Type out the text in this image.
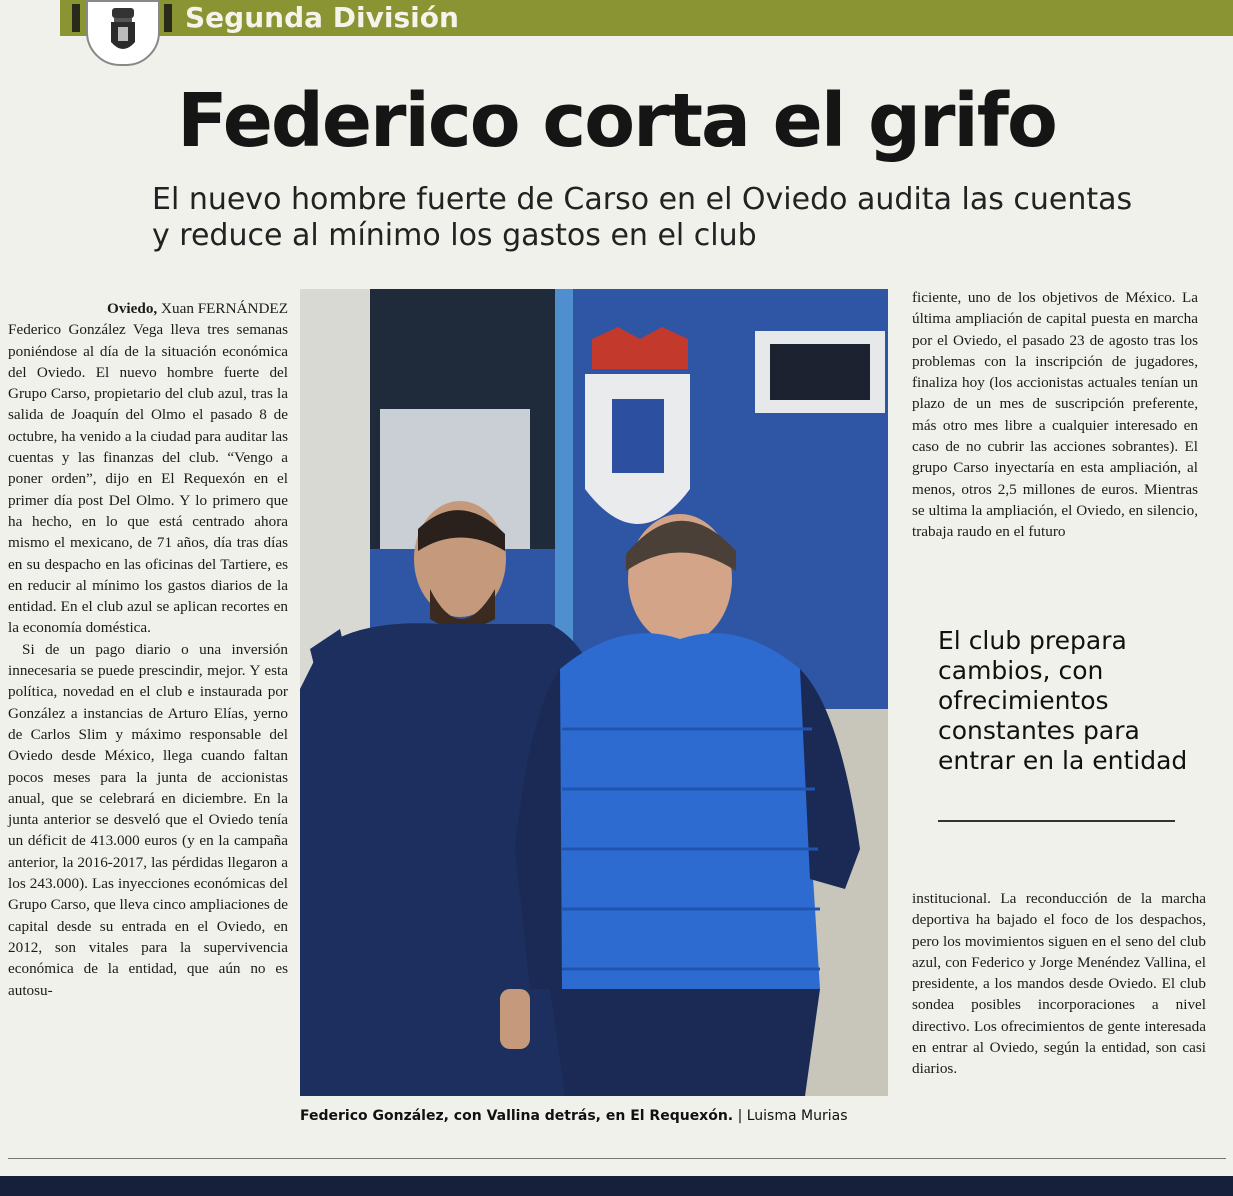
Segunda División
Federico corta el grifo
El nuevo hombre fuerte de Carso en el Oviedo audita las cuentas y reduce al mínimo los gastos en el club
Oviedo, Xuan FERNÁNDEZ

Federico González Vega lleva tres semanas poniéndose al día de la situación económica del Oviedo. El nuevo hombre fuerte del Grupo Carso, propietario del club azul, tras la salida de Joaquín del Olmo el pasado 8 de octubre, ha venido a la ciudad para auditar las cuentas y las finanzas del club. “Vengo a poner orden”, dijo en El Requexón en el primer día post Del Olmo. Y lo primero que ha hecho, en lo que está centrado ahora mismo el mexicano, de 71 años, día tras días en su despacho en las oficinas del Tartiere, es en reducir al mínimo los gastos diarios de la entidad. En el club azul se aplican recortes en la economía doméstica.

Si de un pago diario o una inversión innecesaria se puede prescindir, mejor. Y esta política, novedad en el club e instaurada por González a instancias de Arturo Elías, yerno de Carlos Slim y máximo responsable del Oviedo desde México, llega cuando faltan pocos meses para la junta de accionistas anual, que se celebrará en diciembre. En la junta anterior se desveló que el Oviedo tenía un déficit de 413.000 euros (y en la campaña anterior, la 2016-2017, las pérdidas llegaron a los 243.000). Las inyecciones económicas del Grupo Carso, que lleva cinco ampliaciones de capital desde su entrada en el Oviedo, en 2012, son vitales para la supervivencia económica de la entidad, que aún no es autosu-

Federico González, con Vallina detrás, en El Requexón. | Luisma Murias

ficiente, uno de los objetivos de México. La última ampliación de capital puesta en marcha por el Oviedo, el pasado 23 de agosto tras los problemas con la inscripción de jugadores, finaliza hoy (los accionistas actuales tenían un plazo de un mes de suscripción preferente, más otro mes libre a cualquier interesado en caso de no cubrir las acciones sobrantes). El grupo Carso inyectaría en esta ampliación, al menos, otros 2,5 millones de euros. Mientras se ultima la ampliación, el Oviedo, en silencio, trabaja raudo en el futuro

El club prepara cambios, con ofrecimientos constantes para entrar en la entidad

institucional. La reconducción de la marcha deportiva ha bajado el foco de los despachos, pero los movimientos siguen en el seno del club azul, con Federico y Jorge Menéndez Vallina, el presidente, a los mandos desde Oviedo. El club sondea posibles incorporaciones a nivel directivo. Los ofrecimientos de gente interesada en entrar al Oviedo, según la entidad, son casi diarios.
